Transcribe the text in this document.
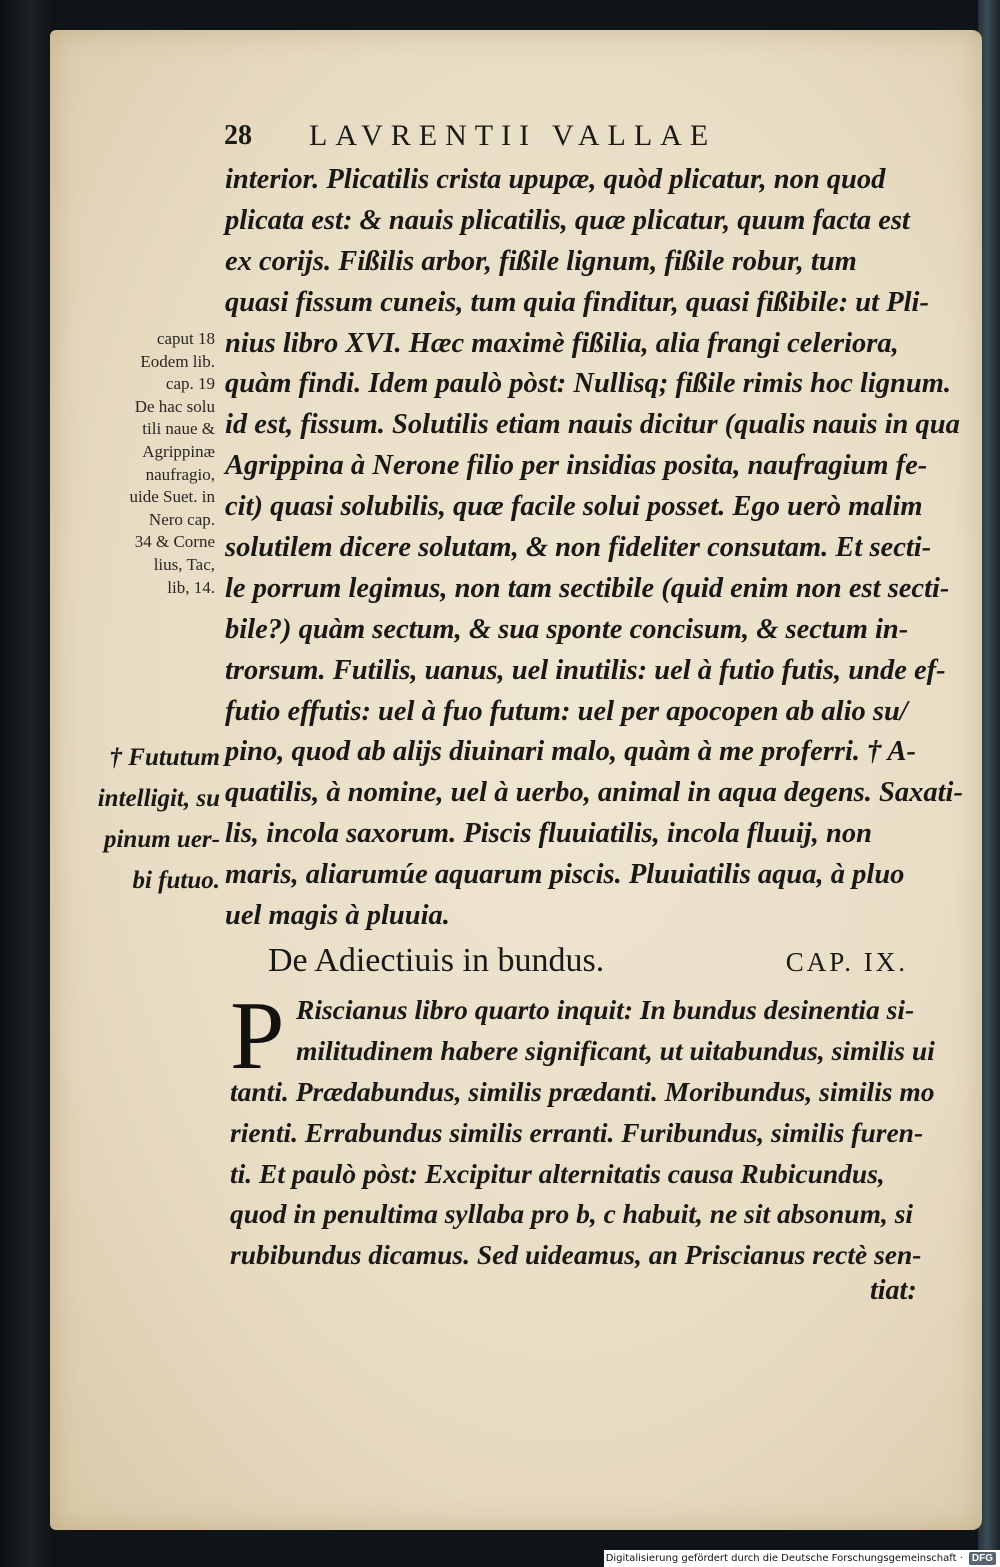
28	LAVRENTII VALLAE
interior. Plicatilis crista upupæ, quòd plicatur, non quod
plicata est: & nauis plicatilis, quæ plicatur, quum facta est
ex corijs. Fißilis arbor, fißile lignum, fißile robur, tum
quasi fissum cuneis, tum quia finditur, quasi fißibile: ut Pli-
nius libro XVI. Hæc maximè fißilia, alia frangi celeriora,
quàm findi. Idem paulò pòst: Nullisq; fißile rimis hoc lignum.
id est, fissum. Solutilis etiam nauis dicitur (qualis nauis in qua
Agrippina à Nerone filio per insidias posita, naufragium fe-
cit) quasi solubilis, quæ facile solui posset. Ego uerò malim
solutilem dicere solutam, & non fideliter consutam. Et secti-
le porrum legimus, non tam sectibile (quid enim non est secti-
bile?) quàm sectum, & sua sponte concisum, & sectum in-
trorsum. Futilis, uanus, uel inutilis: uel à futio futis, unde ef-
futio effutis: uel à fuo futum: uel per apocopen ab alio su/
pino, quod ab alijs diuinari malo, quàm à me proferri. † A-
quatilis, à nomine, uel à uerbo, animal in aqua degens. Saxati-
lis, incola saxorum. Piscis fluuiatilis, incola fluuij, non
maris, aliarumúe aquarum piscis. Pluuiatilis aqua, à pluo
uel magis à pluuia.
caput 18
Eodem lib.
cap. 19
De hac solu
tili naue &
Agrippinæ
naufragio,
uide Suet. in
Nero cap.
34 & Corne
lius, Tac,
lib, 14.
† Fututum
intelligit, su
pinum uer-
bi futuo.
De Adiectiuis in bundus.	CAP. IX.
P Riscianus libro quarto inquit: In bundus desinentia si-
militudinem habere significant, ut uitabundus, similis ui
tanti. Prædabundus, similis prædanti. Moribundus, similis mo
rienti. Errabundus similis erranti. Furibundus, similis furen-
ti. Et paulò pòst: Excipitur alternitatis causa Rubicundus,
quod in penultima syllaba pro b, c habuit, ne sit absonum, si
rubibundus dicamus. Sed uideamus, an Priscianus rectè sen-
tiat:
Digitalisierung gefördert durch die Deutsche Forschungsgemeinschaft · DFG
